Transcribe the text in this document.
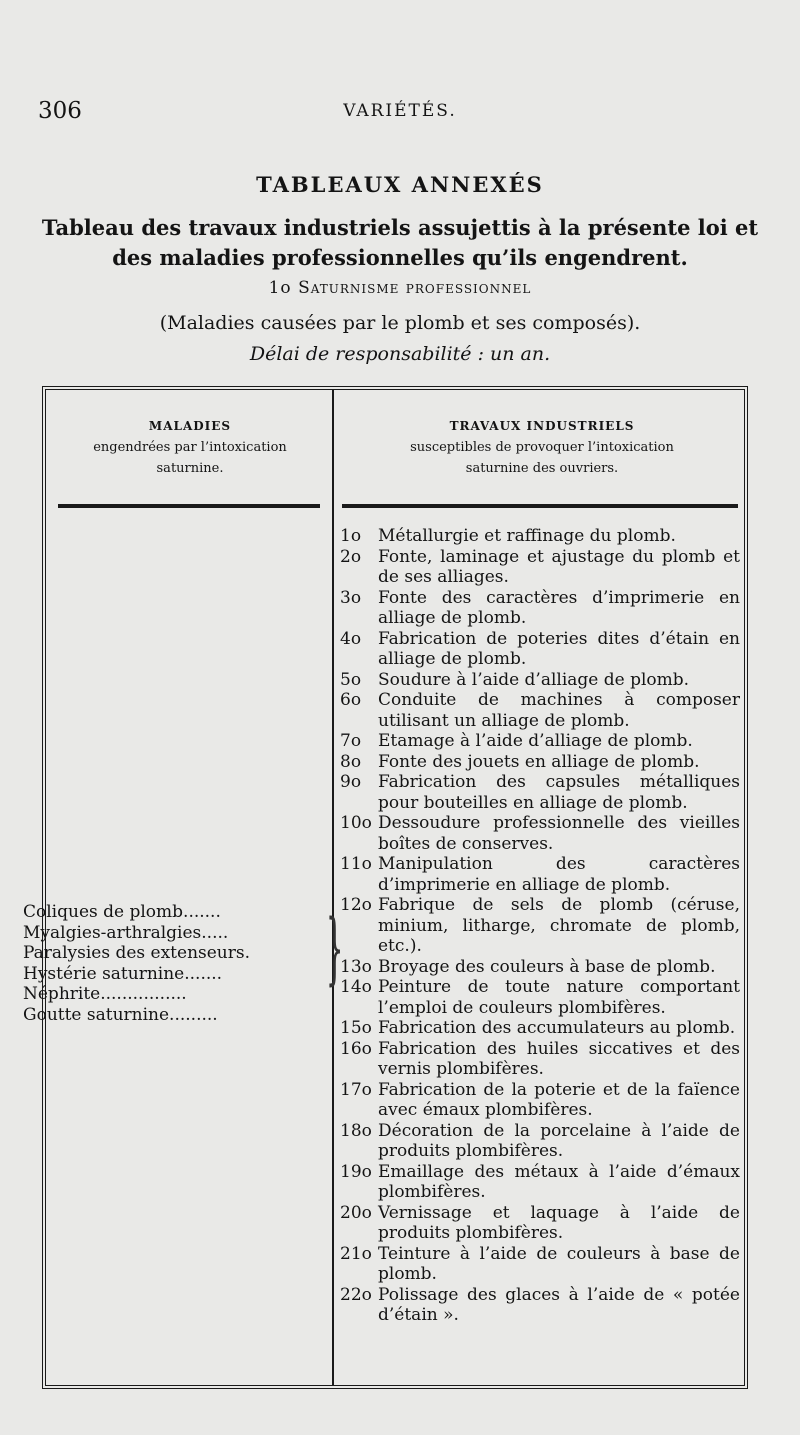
306	VARIÉTÉS.
TABLEAUX ANNEXÉS
Tableau des travaux industriels assujettis à la présente loi et des maladies professionnelles qu’ils engendrent.
1o Saturnisme professionnel
(Maladies causées par le plomb et ses composés).
Délai de responsabilité : un an.
MALADIES
engendrées par l’intoxication
saturnine.
TRAVAUX INDUSTRIELS
susceptibles de provoquer l’intoxication
saturnine des ouvriers.
Coliques de plomb.......
Myalgies-arthralgies.....
Paralysies des extenseurs.
Hystérie saturnine.......
Néphrite................
Goutte saturnine.........
}
1o Métallurgie et raffinage du plomb.
2o Fonte, laminage et ajustage du plomb et de ses alliages.
3o Fonte des caractères d’imprimerie en alliage de plomb.
4o Fabrication de poteries dites d’étain en alliage de plomb.
5o Soudure à l’aide d’alliage de plomb.
6o Conduite de machines à composer utilisant un alliage de plomb.
7o Etamage à l’aide d’alliage de plomb.
8o Fonte des jouets en alliage de plomb.
9o Fabrication des capsules métalliques pour bouteilles en alliage de plomb.
10o Dessoudure professionnelle des vieilles boîtes de conserves.
11o Manipulation des caractères d’imprimerie en alliage de plomb.
12o Fabrique de sels de plomb (céruse, minium, litharge, chromate de plomb, etc.).
13o Broyage des couleurs à base de plomb.
14o Peinture de toute nature comportant l’emploi de couleurs plombifères.
15o Fabrication des accumulateurs au plomb.
16o Fabrication des huiles siccatives et des vernis plombifères.
17o Fabrication de la poterie et de la faïence avec émaux plombifères.
18o Décoration de la porcelaine à l’aide de produits plombifères.
19o Emaillage des métaux à l’aide d’émaux plombifères.
20o Vernissage et laquage à l’aide de produits plombifères.
21o Teinture à l’aide de couleurs à base de plomb.
22o Polissage des glaces à l’aide de « potée d’étain ».
